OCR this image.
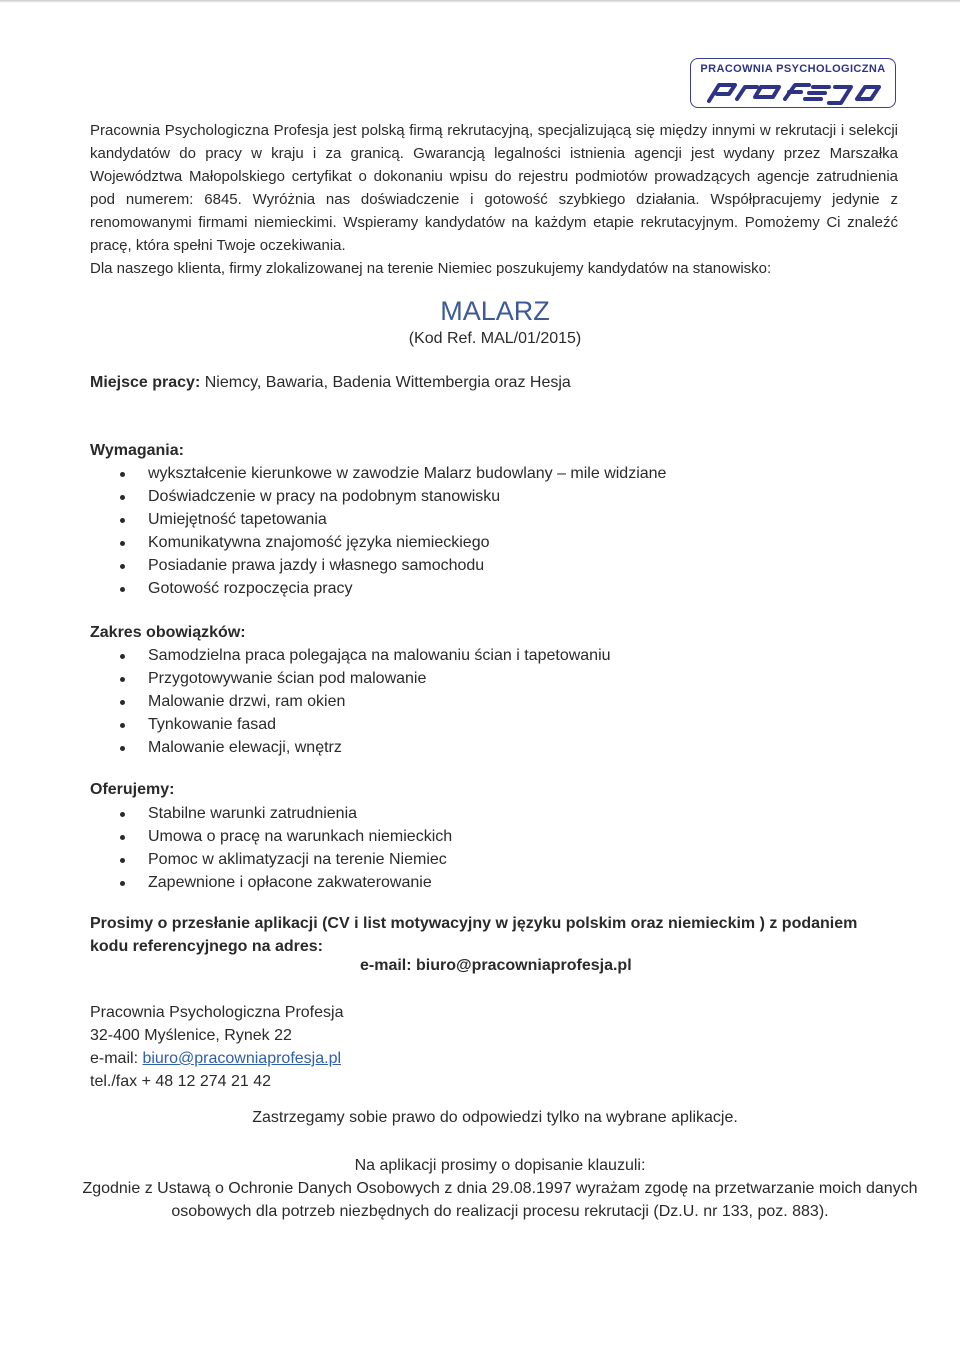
PRACOWNIA PSYCHOLOGICZNA

Pracownia Psychologiczna Profesja jest polską firmą rekrutacyjną, specjalizującą się między innymi w rekrutacji i selekcji kandydatów do pracy w kraju i za granicą. Gwarancją legalności istnienia agencji jest wydany przez Marszałka Województwa Małopolskiego certyfikat o dokonaniu wpisu do rejestru podmiotów prowadzących agencje zatrudnienia pod numerem: 6845. Wyróżnia nas doświadczenie i gotowość szybkiego działania. Współpracujemy jedynie z renomowanymi firmami niemieckimi. Wspieramy kandydatów na każdym etapie rekrutacyjnym. Pomożemy Ci znaleźć pracę, która spełni Twoje oczekiwania.

Dla naszego klienta, firmy zlokalizowanej na terenie Niemiec poszukujemy kandydatów na stanowisko:

MALARZ
(Kod Ref. MAL/01/2015)
Miejsce pracy: Niemcy, Bawaria, Badenia Wittembergia oraz Hesja
Wymagania:
wykształcenie kierunkowe w zawodzie Malarz budowlany – mile widziane
Doświadczenie w pracy na podobnym stanowisku
Umiejętność tapetowania
Komunikatywna znajomość języka niemieckiego
Posiadanie prawa jazdy i własnego samochodu
Gotowość rozpoczęcia pracy
Zakres obowiązków:
Samodzielna praca polegająca na malowaniu ścian i tapetowaniu
Przygotowywanie ścian pod malowanie
Malowanie drzwi, ram okien
Tynkowanie fasad
Malowanie elewacji, wnętrz
Oferujemy:
Stabilne warunki zatrudnienia
Umowa o pracę na warunkach niemieckich
Pomoc w aklimatyzacji na terenie Niemiec
Zapewnione i opłacone zakwaterowanie
Prosimy o przesłanie aplikacji (CV i list motywacyjny w języku polskim oraz niemieckim ) z podaniem kodu referencyjnego na adres:
e-mail: biuro@pracowniaprofesja.pl
Pracownia Psychologiczna Profesja
32-400 Myślenice, Rynek 22
e-mail: biuro@pracowniaprofesja.pl
tel./fax + 48 12 274 21 42
Zastrzegamy sobie prawo do odpowiedzi tylko na wybrane aplikacje.
Na aplikacji prosimy o dopisanie klauzuli:
Zgodnie z Ustawą o Ochronie Danych Osobowych z dnia 29.08.1997 wyrażam zgodę na przetwarzanie moich danych osobowych dla potrzeb niezbędnych do realizacji procesu rekrutacji (Dz.U. nr 133, poz. 883).
